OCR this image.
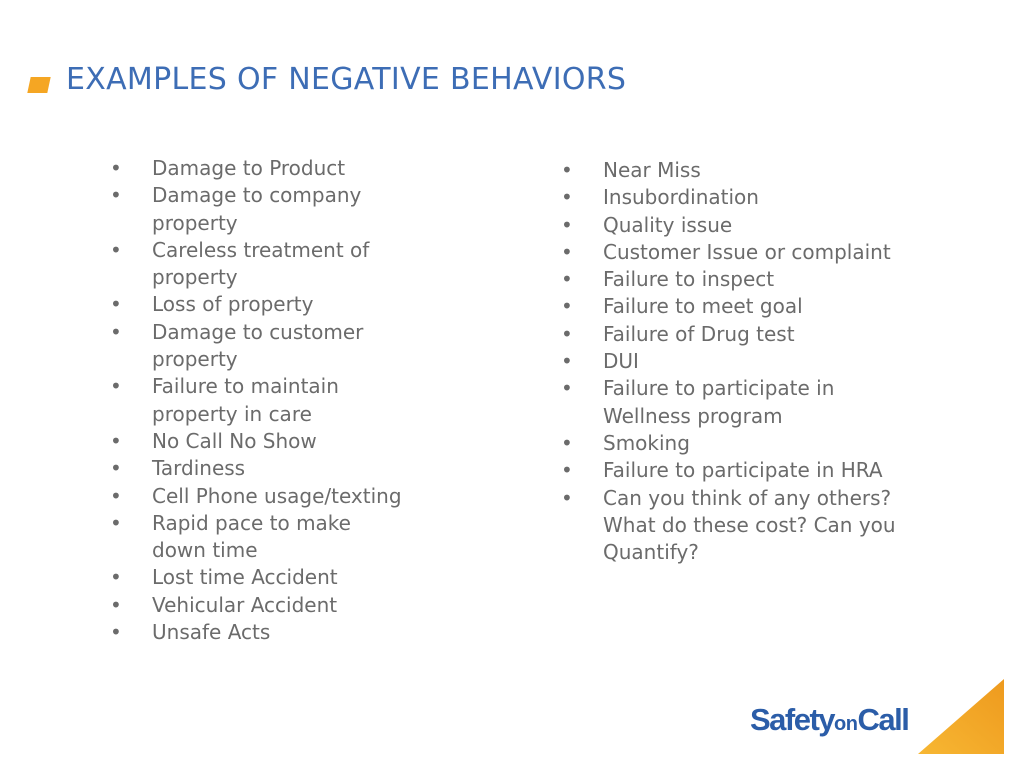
EXAMPLES OF NEGATIVE BEHAVIORS
• Damage to Product
• Damage to company property
• Careless treatment of property
• Loss of property
• Damage to customer property
• Failure to maintain property in care
• No Call No Show
• Tardiness
• Cell Phone usage/texting
• Rapid pace to make down time
• Lost time Accident
• Vehicular Accident
• Unsafe Acts
• Near Miss
• Insubordination
• Quality issue
• Customer Issue or complaint
• Failure to inspect
• Failure to meet goal
• Failure of Drug test
• DUI
• Failure to participate in Wellness program
• Smoking
• Failure to participate in HRA
• Can you think of any others? What do these cost? Can you Quantify?
SafetyonCall
